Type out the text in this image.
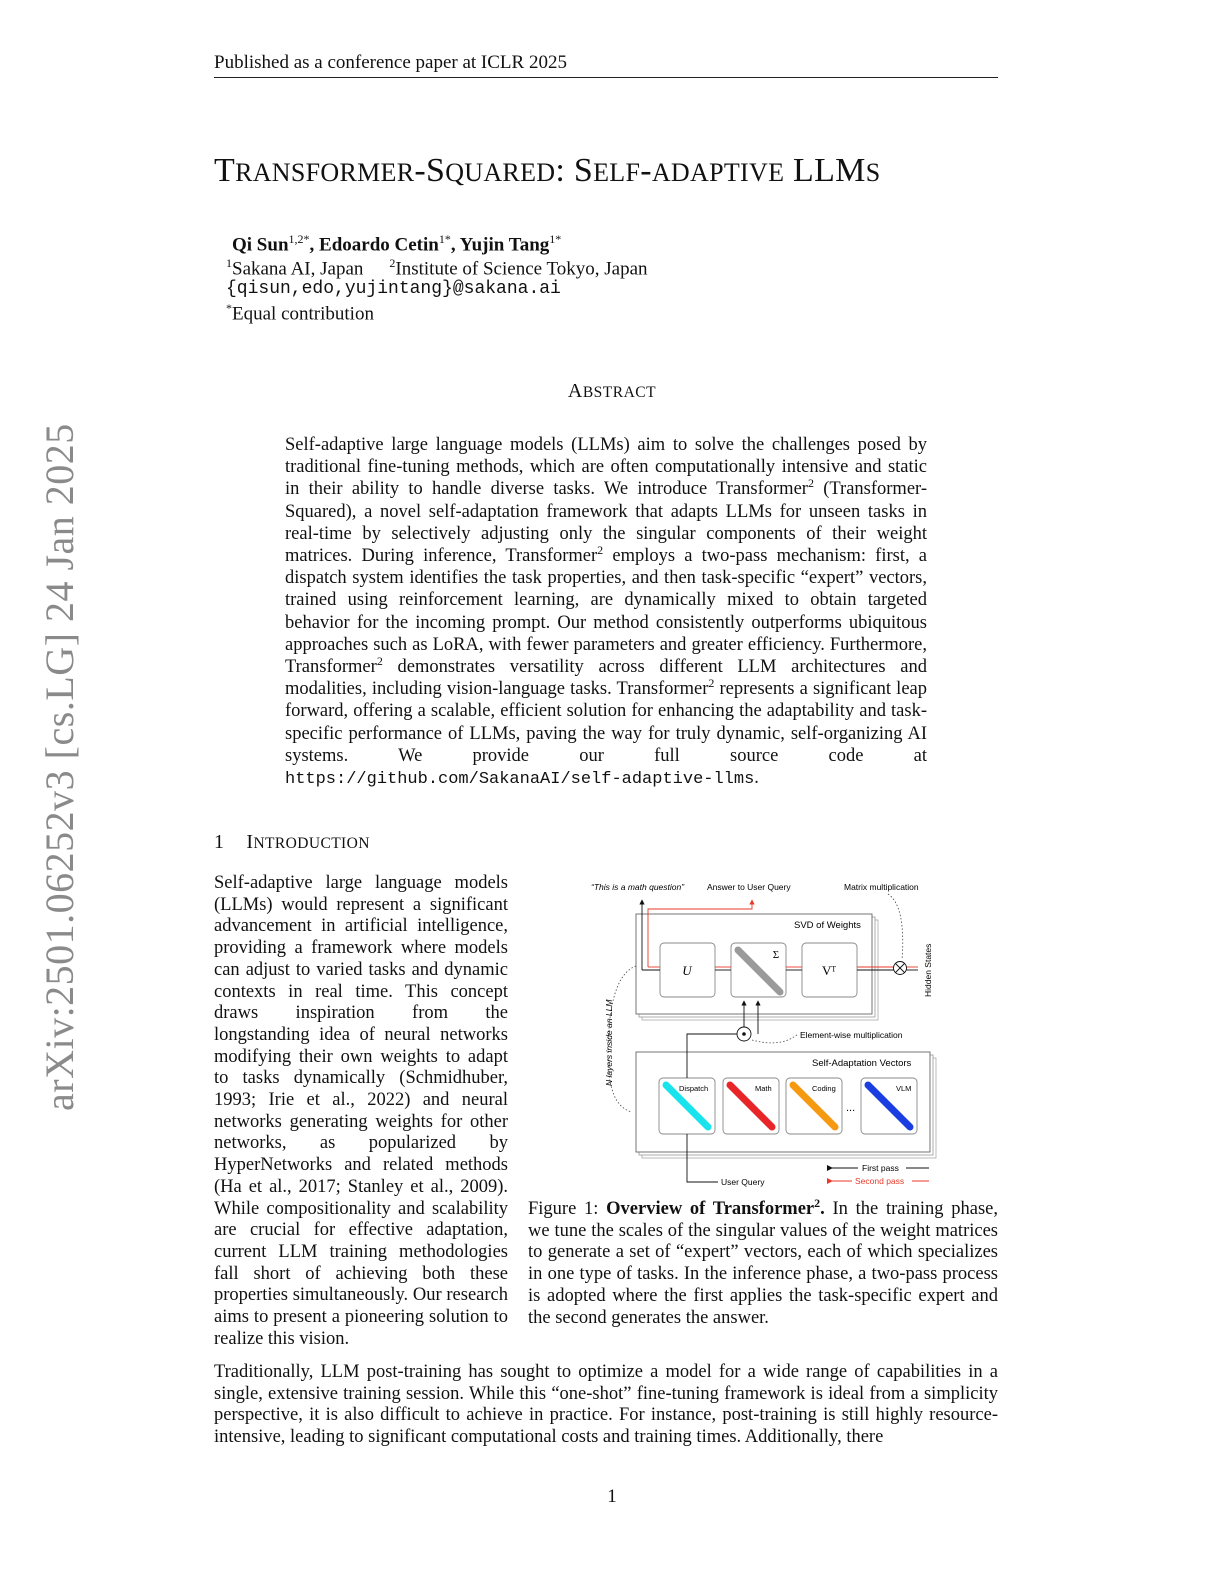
Published as a conference paper at ICLR 2025
arXiv:2501.06252v3 [cs.LG] 24 Jan 2025
TRANSFORMER-SQUARED: SELF-ADAPTIVE LLMS
Qi Sun$^{1,2*}$, Edoardo Cetin$^{1*}$, Yujin Tang$^{1*}$
$^1$Sakana AI, Japan $^2$Institute of Science Tokyo, Japan
{qisun,edo,yujintang}@sakana.ai
*Equal contribution
ABSTRACT
Self-adaptive large language models (LLMs) aim to solve the challenges posed by traditional fine-tuning methods, which are often computationally intensive and static in their ability to handle diverse tasks. We introduce Transformer$^2$ (Transformer-Squared), a novel self-adaptation framework that adapts LLMs for unseen tasks in real-time by selectively adjusting only the singular components of their weight matrices. During inference, Transformer$^2$ employs a two-pass mechanism: first, a dispatch system identifies the task properties, and then task-specific “expert” vectors, trained using reinforcement learning, are dynamically mixed to obtain targeted behavior for the incoming prompt. Our method consistently outperforms ubiquitous approaches such as LoRA, with fewer parameters and greater efficiency. Furthermore, Transformer$^2$ demonstrates versatility across different LLM architectures and modalities, including vision-language tasks. Transformer$^2$ represents a significant leap forward, offering a scalable, efficient solution for enhancing the adaptability and task-specific performance of LLMs, paving the way for truly dynamic, self-organizing AI systems. We provide our full source code at https://github.com/SakanaAI/self-adaptive-llms.
1 INTRODUCTION
Self-adaptive large language models (LLMs) would represent a significant advancement in artificial intelligence, providing a framework where models can adjust to varied tasks and dynamic contexts in real time. This concept draws inspiration from the longstanding idea of neural networks modifying their own weights to adapt to tasks dynamically (Schmidhuber, 1993; Irie et al., 2022) and neural networks generating weights for other networks, as popularized by HyperNetworks and related methods (Ha et al., 2017; Stanley et al., 2009). While compositionality and scalability are crucial for effective adaptation, current LLM training methodologies fall short of achieving both these properties simultaneously. Our research aims to present a pioneering solution to realize this vision.
“This is a math question”	Answer to User Query	Matrix multiplication
SVD of Weights
U
Σ
Vᵀ	Hidden States
Element-wise multiplication
N layers inside an LLM	Self-Adaptation Vectors
Dispatch	Math	Coding
...
VLM
User Query
First pass
Second pass
Figure 1: Overview of Transformer$^2$. In the training phase, we tune the scales of the singular values of the weight matrices to generate a set of “expert” vectors, each of which specializes in one type of tasks. In the inference phase, a two-pass process is adopted where the first applies the task-specific expert and the second generates the answer.
Traditionally, LLM post-training has sought to optimize a model for a wide range of capabilities in a single, extensive training session. While this “one-shot” fine-tuning framework is ideal from a simplicity perspective, it is also difficult to achieve in practice. For instance, post-training is still highly resource-intensive, leading to significant computational costs and training times. Additionally, there
1
